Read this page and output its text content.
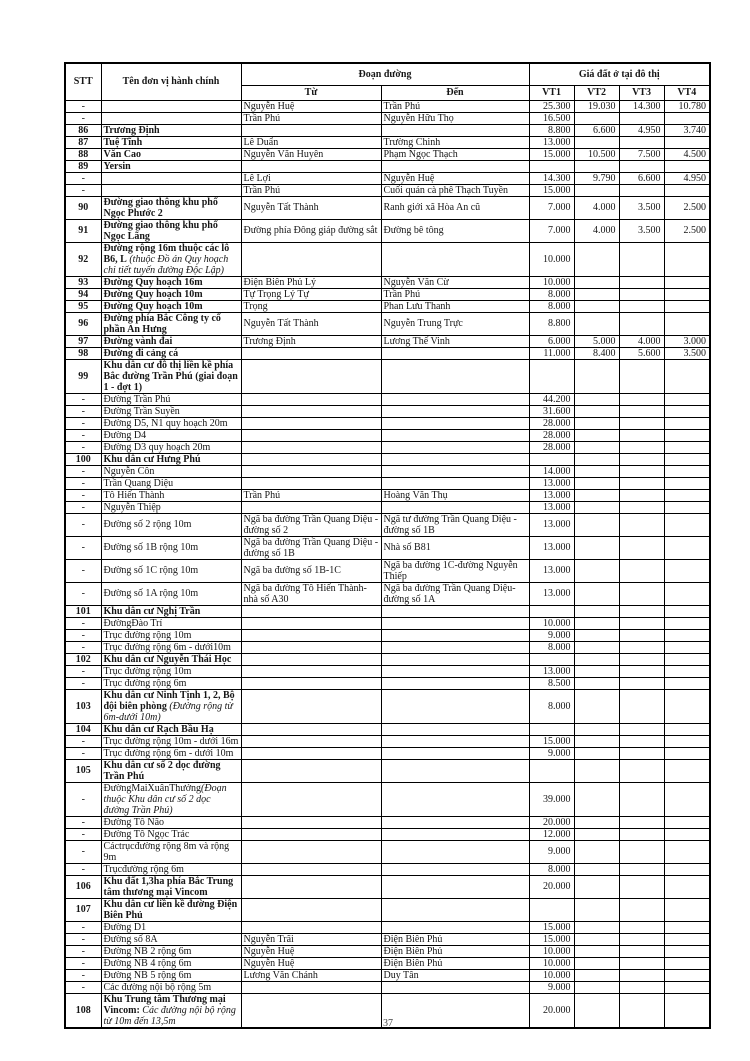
STT	Tên đơn vị hành chính	Đoạn đường		Giá đất ở tại đô thị			
		Từ	Đến	VT1	VT2	VT3	VT4
-		Nguyễn Huệ	Trần Phú	25.300	19.030	14.300	10.780
-		Trần Phú	Nguyễn Hữu Thọ	16.500			
86	Trương Định			8.800	6.600	4.950	3.740
87	Tuệ Tĩnh	Lê Duẩn	Trường Chinh	13.000			
88	Văn Cao	Nguyễn Văn Huyên	Phạm Ngọc Thạch	15.000	10.500	7.500	4.500
89	Yersin						
-		Lê Lợi	Nguyễn Huệ	14.300	9.790	6.600	4.950
-		Trần Phú	Cuối quán cà phê Thạch Tuyền	15.000			
90	Đường giao thông khu phố Ngọc Phước 2	Nguyễn Tất Thành	Ranh giới xã Hòa An cũ	7.000	4.000	3.500	2.500
91	Đường giao thông khu phố Ngọc Lãng	Đường phía Đông giáp đường sắt	Đường bê tông	7.000	4.000	3.500	2.500
92	Đường rộng 16m thuộc các lô B6, L (thuộc Đồ án Quy hoạch chi tiết tuyến đường Độc Lập)			10.000			
93	Đường Quy hoạch 16m	Điện Biên Phủ Lý	Nguyễn Văn Cừ	10.000			
94	Đường Quy hoạch 10m	Tự Trọng Lý Tự	Trần Phú	8.000			
95	Đường Quy hoạch 10m	Trọng	Phan Lưu Thanh	8.000			
96	Đường phía Bắc Công ty cổ phần An Hưng	Nguyễn Tất Thành	Nguyễn Trung Trực	8.800			
97	Đường vành đai	Trương Định	Lương Thế Vinh	6.000	5.000	4.000	3.000
98	Đường đi cảng cá			11.000	8.400	5.600	3.500
99	Khu dân cư đô thị liền kề phía Bắc đường Trần Phú (giai đoạn 1 - đợt 1)						
-	Đường Trần Phú			44.200			
-	Đường Trần Suyền			31.600			
-	Đường D5, N1 quy hoạch 20m			28.000			
-	Đường D4			28.000			
-	Đường D3 quy hoạch 20m			28.000			
100	Khu dân cư Hưng Phú						
-	Nguyễn Côn			14.000			
-	Trần Quang Diệu			13.000			
-	Tô Hiến Thành	Trần Phú	Hoàng Văn Thụ	13.000			
-	Nguyễn Thiệp			13.000			
-	Đường số 2 rộng 10m	Ngã ba đường Trần Quang Diệu - đường số 2	Ngã tư đường Trần Quang Diệu - đường số 1B	13.000			
-	Đường số 1B rộng 10m	Ngã ba đường Trần Quang Diệu - đường số 1B	Nhà số B81	13.000			
-	Đường số 1C rộng 10m	Ngã ba đường số 1B-1C	Ngã ba đường 1C-đường Nguyễn Thiếp	13.000			
-	Đường số 1A rộng 10m	Ngã ba đường Tô Hiến Thành-nhà số A30	Ngã ba đường Trần Quang Diệu-đường số 1A	13.000			
101	Khu dân cư Nghị Trần						
-	ĐườngĐào Trí			10.000			
-	Trục đường rộng 10m			9.000			
-	Trục đường rộng 6m - dưới10m			8.000			
102	Khu dân cư Nguyễn Thái Học						
-	Trục đường rộng 10m			13.000			
-	Trục đường rộng 6m			8.500			
103	Khu dân cư Ninh Tịnh 1, 2, Bộ đội biên phòng (Đường rộng từ 6m-dưới 10m)			8.000			
104	Khu dân cư Rạch Bầu Hạ						
-	Trục đường rộng 10m - dưới 16m			15.000			
-	Trục đường rộng 6m - dưới 10m			9.000			
105	Khu dân cư số 2 dọc đường Trần Phú						
-	ĐườngMaiXuânThưởng(Đoạn thuộc Khu dân cư số 2 dọc đường Trần Phú)			39.000			
-	Đường Tô Não			20.000			
-	Đường Tô Ngọc Trác			12.000			
-	Cáctrụcđường rộng 8m và rộng 9m			9.000			
-	Trụcđường rộng 6m			8.000			
106	Khu đất 1,3ha phía Bắc Trung tâm thương mại Vincom			20.000			
107	Khu dân cư liền kề đường Điện Biên Phủ						
-	Đường D1			15.000			
-	Đường số 8A	Nguyễn Trãi	Điện Biên Phủ	15.000			
-	Đường NB 2 rộng 6m	Nguyễn Huệ	Điện Biên Phủ	10.000			
-	Đường NB 4 rộng 6m	Nguyễn Huệ	Điện Biên Phủ	10.000			
-	Đường NB 5 rộng 6m	Lương Văn Chánh	Duy Tân	10.000			
-	Các đường nội bộ rộng 5m			9.000			
108	Khu Trung tâm Thương mại Vincom: Các đường nội bộ rộng từ 10m đến 13,5m			20.000			
37
